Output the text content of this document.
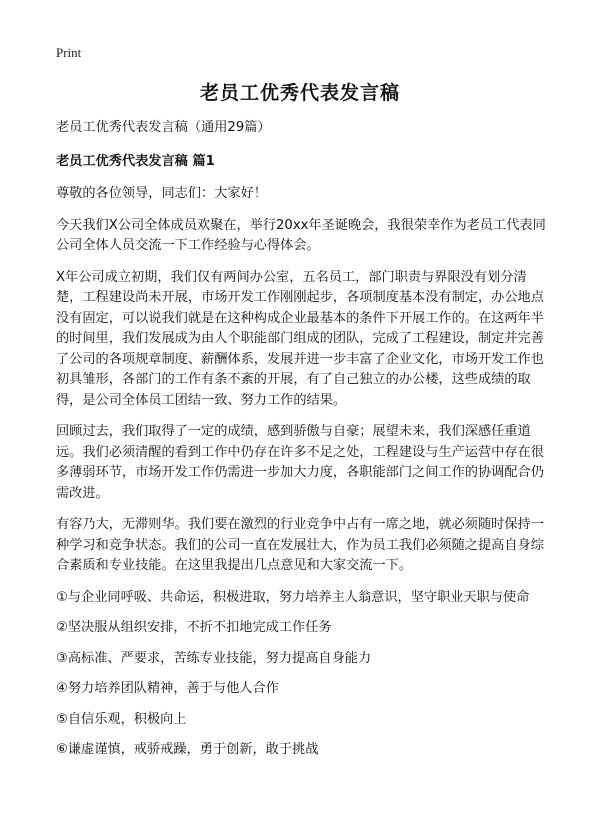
Print
老员工优秀代表发言稿

老员工优秀代表发言稿（通用29篇）

老员工优秀代表发言稿 篇1

尊敬的各位领导，同志们：大家好！

今天我们X公司全体成员欢聚在，举行20xx年圣诞晚会，我很荣幸作为老员工代表同公司全体人员交流一下工作经验与心得体会。

X年公司成立初期，我们仅有两间办公室，五名员工，部门职责与界限没有划分清楚，工程建设尚未开展，市场开发工作刚刚起步，各项制度基本没有制定，办公地点没有固定，可以说我们就是在这种构成企业最基本的条件下开展工作的。在这两年半的时间里，我们发展成为由人个职能部门组成的团队，完成了工程建设，制定并完善了公司的各项规章制度、薪酬体系，发展并进一步丰富了企业文化，市场开发工作也初具雏形，各部门的工作有条不紊的开展，有了自己独立的办公楼，这些成绩的取得，是公司全体员工团结一致、努力工作的结果。

回顾过去，我们取得了一定的成绩，感到骄傲与自豪；展望未来，我们深感任重道远。我们必须清醒的看到工作中仍存在许多不足之处，工程建设与生产运营中存在很多薄弱环节，市场开发工作仍需进一步加大力度，各职能部门之间工作的协调配合仍需改进。

有容乃大，无滞则华。我们要在激烈的行业竞争中占有一席之地，就必须随时保持一种学习和竞争状态。我们的公司一直在发展壮大，作为员工我们必须随之提高自身综合素质和专业技能。在这里我提出几点意见和大家交流一下。

①与企业同呼吸、共命运，积极进取，努力培养主人翁意识，坚守职业天职与使命

②坚决服从组织安排，不折不扣地完成工作任务

③高标准、严要求，苦练专业技能，努力提高自身能力

④努力培养团队精神，善于与他人合作

⑤自信乐观，积极向上

⑥谦虚谨慎，戒骄戒躁，勇于创新，敢于挑战
